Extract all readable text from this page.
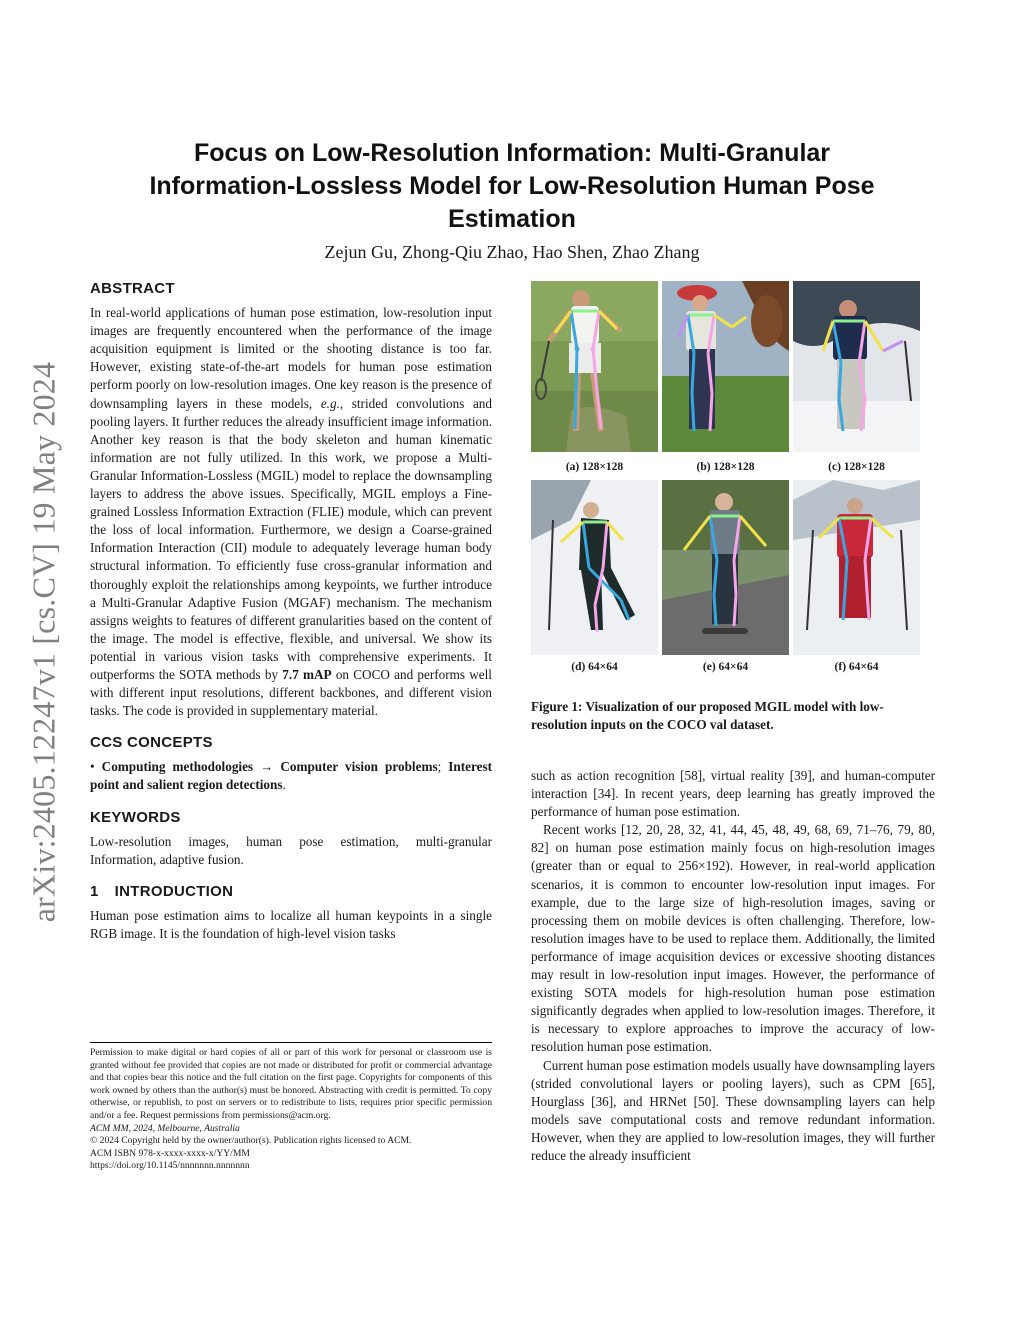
Focus on Low-Resolution Information: Multi-Granular
Information-Lossless Model for Low-Resolution Human Pose
Estimation
Zejun Gu, Zhong-Qiu Zhao, Hao Shen, Zhao Zhang
arXiv:2405.12247v1 [cs.CV] 19 May 2024
ABSTRACT

In real-world applications of human pose estimation, low-resolution input images are frequently encountered when the performance of the image acquisition equipment is limited or the shooting distance is too far. However, existing state-of-the-art models for human pose estimation perform poorly on low-resolution images. One key reason is the presence of downsampling layers in these models, e.g., strided convolutions and pooling layers. It further reduces the already insufficient image information. Another key reason is that the body skeleton and human kinematic information are not fully utilized. In this work, we propose a Multi-Granular Information-Lossless (MGIL) model to replace the downsampling layers to address the above issues. Specifically, MGIL employs a Fine-grained Lossless Information Extraction (FLIE) module, which can prevent the loss of local information. Furthermore, we design a Coarse-grained Information Interaction (CII) module to adequately leverage human body structural information. To efficiently fuse cross-granular information and thoroughly exploit the relationships among keypoints, we further introduce a Multi-Granular Adaptive Fusion (MGAF) mechanism. The mechanism assigns weights to features of different granularities based on the content of the image. The model is effective, flexible, and universal. We show its potential in various vision tasks with comprehensive experiments. It outperforms the SOTA methods by 7.7 mAP on COCO and performs well with different input resolutions, different backbones, and different vision tasks. The code is provided in supplementary material.

CCS CONCEPTS

• Computing methodologies → Computer vision problems; Interest point and salient region detections.

KEYWORDS

Low-resolution images, human pose estimation, multi-granular Information, adaptive fusion.

1 INTRODUCTION

Human pose estimation aims to localize all human keypoints in a single RGB image. It is the foundation of high-level vision tasks

Permission to make digital or hard copies of all or part of this work for personal or classroom use is granted without fee provided that copies are not made or distributed for profit or commercial advantage and that copies bear this notice and the full citation on the first page. Copyrights for components of this work owned by others than the author(s) must be honored. Abstracting with credit is permitted. To copy otherwise, or republish, to post on servers or to redistribute to lists, requires prior specific permission and/or a fee. Request permissions from permissions@acm.org.

ACM MM, 2024, Melbourne, Australia

© 2024 Copyright held by the owner/author(s). Publication rights licensed to ACM.

ACM ISBN 978-x-xxxx-xxxx-x/YY/MM

https://doi.org/10.1145/nnnnnnn.nnnnnnn

(a) 128×128	(b) 128×128	(c) 128×128
(d) 64×64	(e) 64×64	(f) 64×64
Figure 1: Visualization of our proposed MGIL model with low-resolution inputs on the COCO val dataset.

such as action recognition [58], virtual reality [39], and human-computer interaction [34]. In recent years, deep learning has greatly improved the performance of human pose estimation.

Recent works [12, 20, 28, 32, 41, 44, 45, 48, 49, 68, 69, 71–76, 79, 80, 82] on human pose estimation mainly focus on high-resolution images (greater than or equal to 256×192). However, in real-world application scenarios, it is common to encounter low-resolution input images. For example, due to the large size of high-resolution images, saving or processing them on mobile devices is often challenging. Therefore, low-resolution images have to be used to replace them. Additionally, the limited performance of image acquisition devices or excessive shooting distances may result in low-resolution input images. However, the performance of existing SOTA models for high-resolution human pose estimation significantly degrades when applied to low-resolution images. Therefore, it is necessary to explore approaches to improve the accuracy of low-resolution human pose estimation.

Current human pose estimation models usually have downsampling layers (strided convolutional layers or pooling layers), such as CPM [65], Hourglass [36], and HRNet [50]. These downsampling layers can help models save computational costs and remove redundant information. However, when they are applied to low-resolution images, they will further reduce the already insufficient
